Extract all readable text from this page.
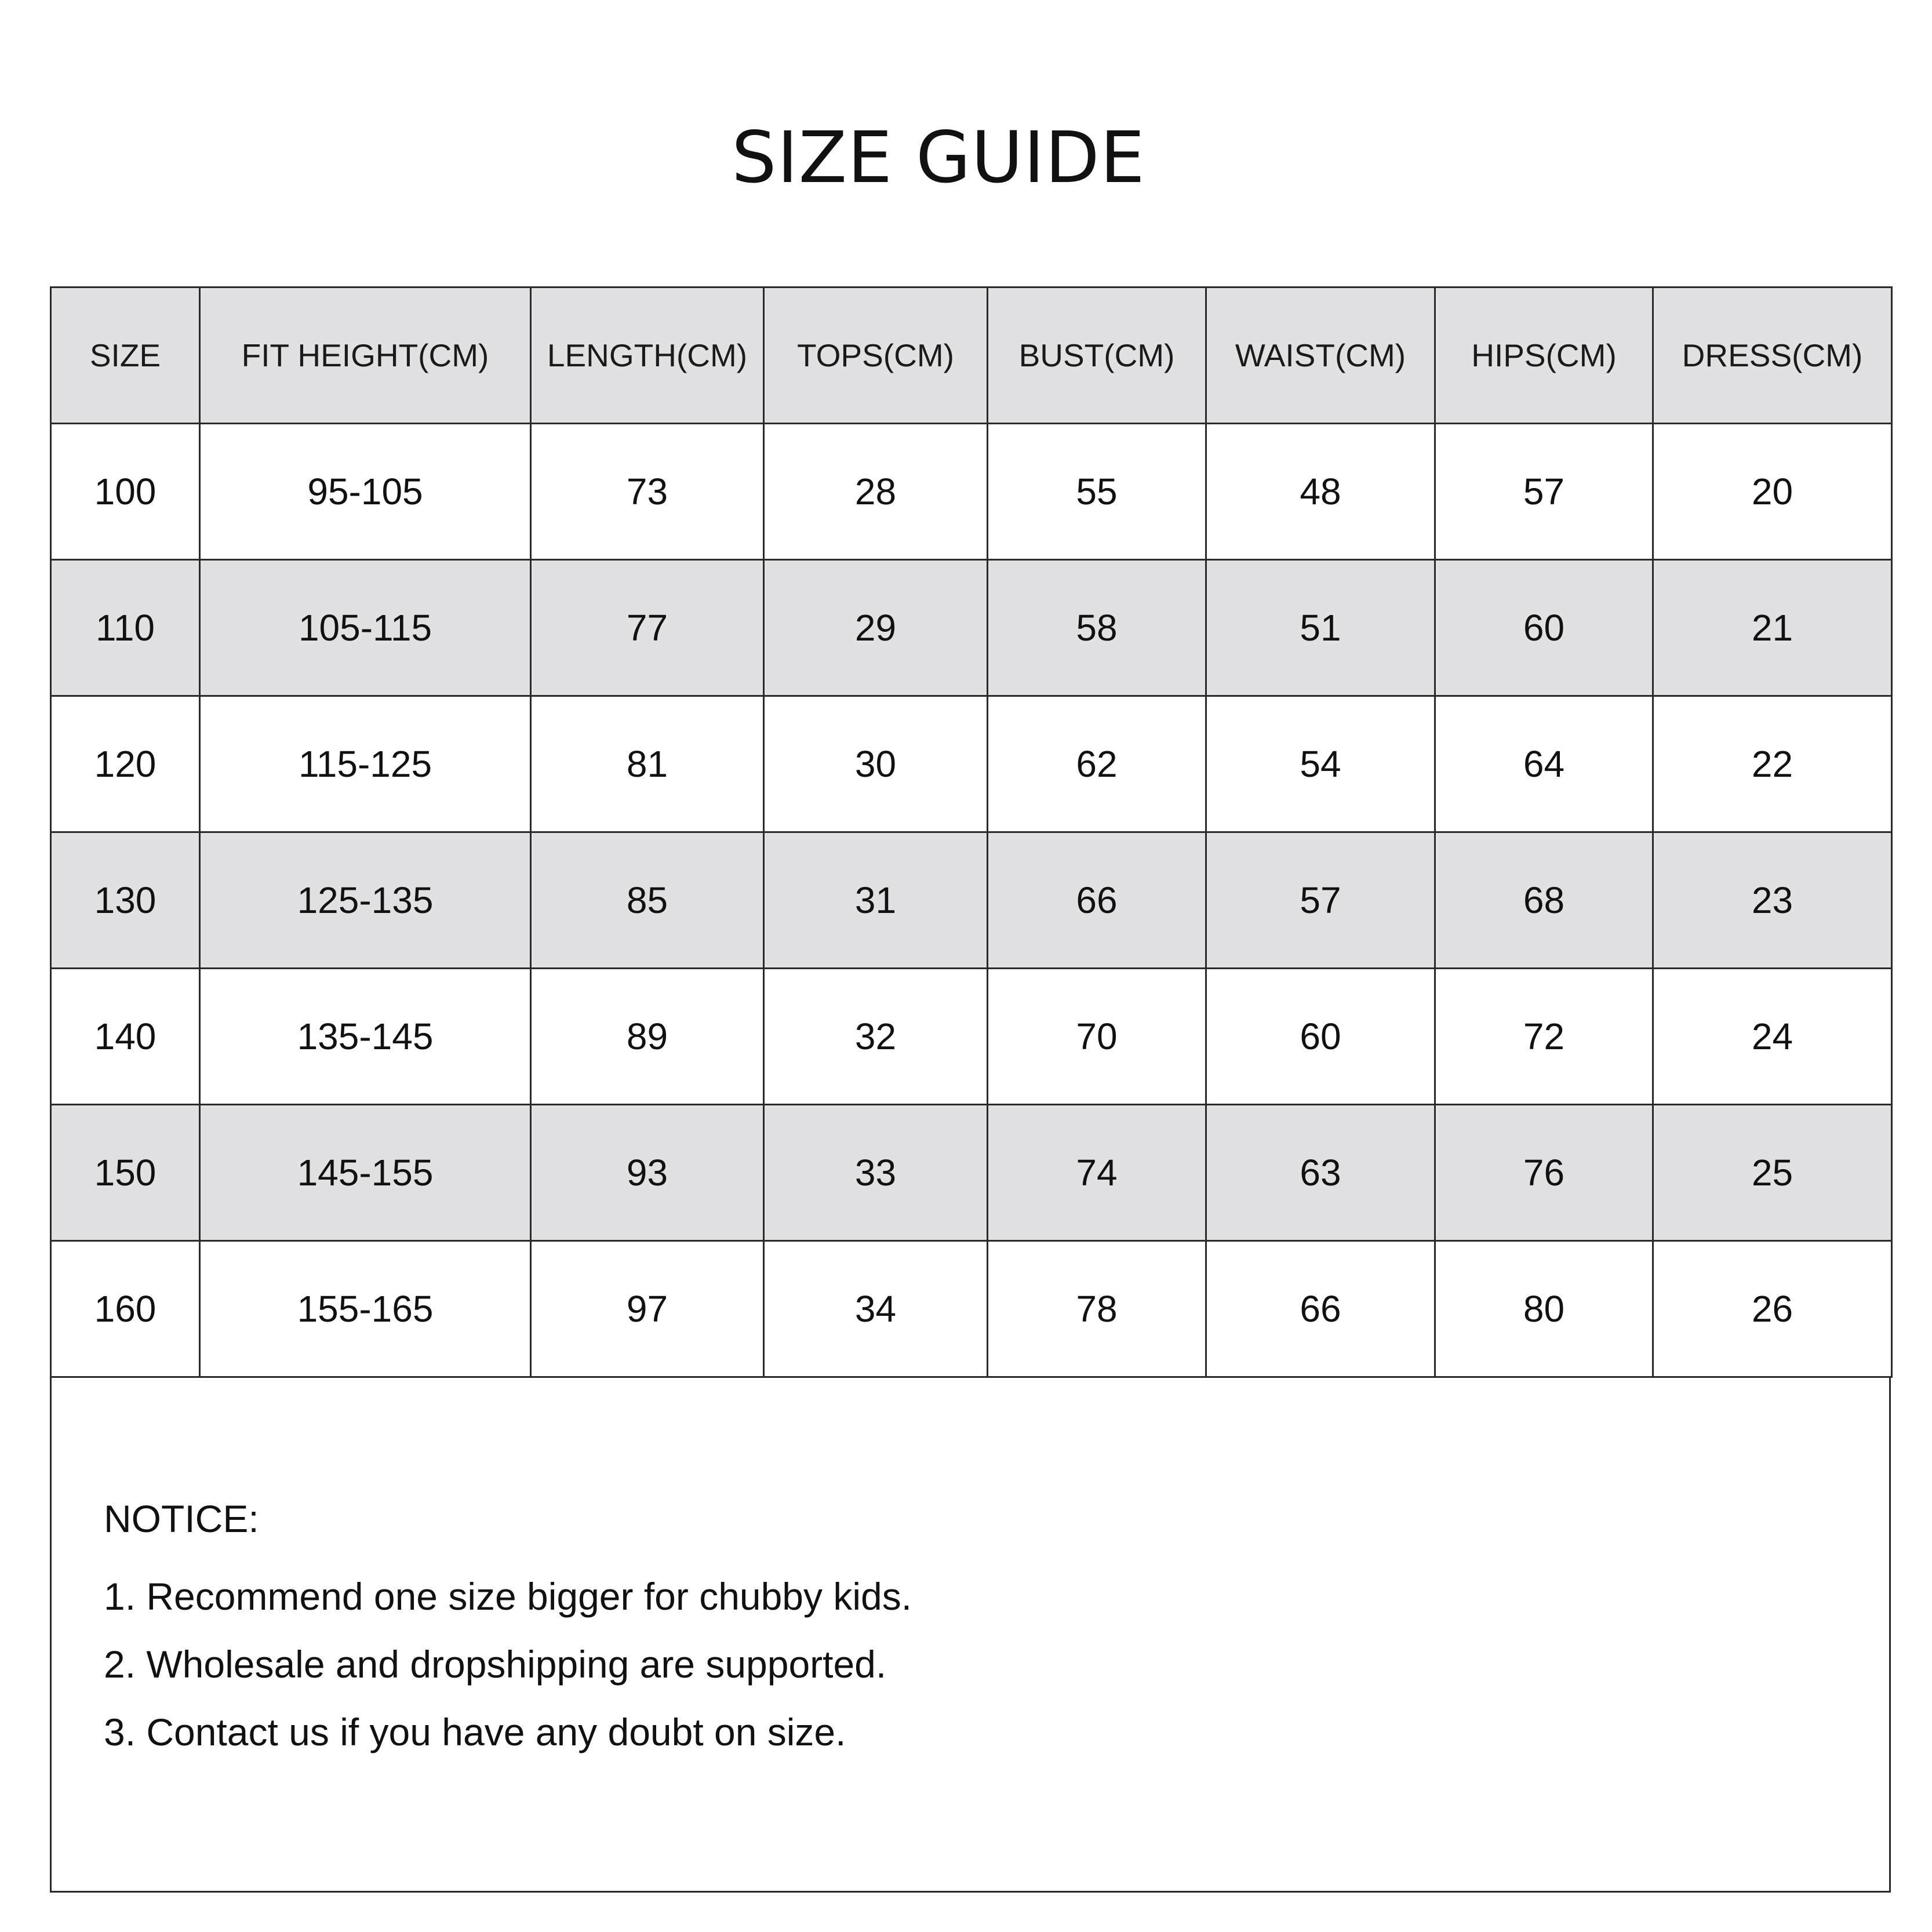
SIZE GUIDE
SIZE	FIT HEIGHT(CM)	LENGTH(CM)	TOPS(CM)	BUST(CM)	WAIST(CM)	HIPS(CM)	DRESS(CM)
100	95-105	73	28	55	48	57	20
110	105-115	77	29	58	51	60	21
120	115-125	81	30	62	54	64	22
130	125-135	85	31	66	57	68	23
140	135-145	89	32	70	60	72	24
150	145-155	93	33	74	63	76	25
160	155-165	97	34	78	66	80	26
NOTICE:
1. Recommend one size bigger for chubby kids.
2. Wholesale and dropshipping are supported.
3. Contact us if you have any doubt on size.
